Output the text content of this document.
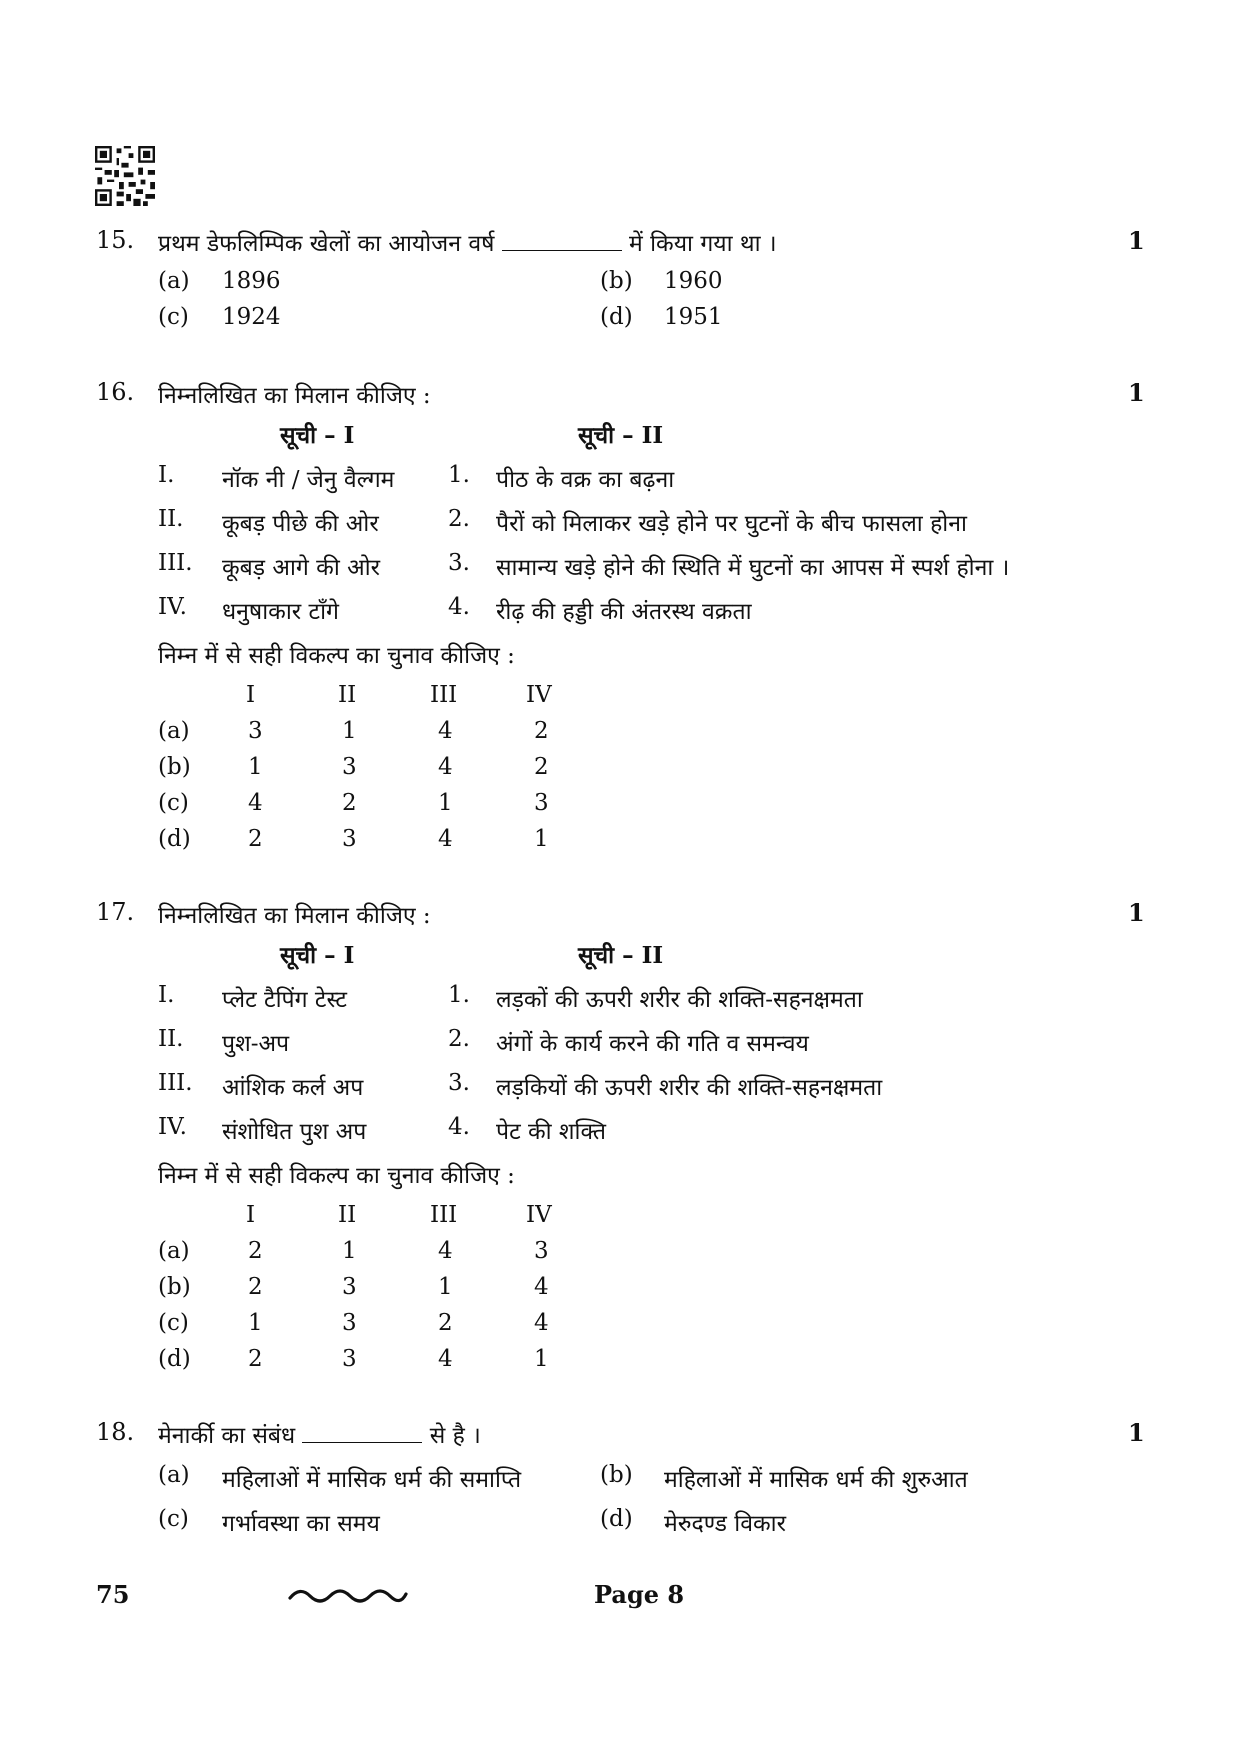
15. प्रथम डेफलिम्पिक खेलों का आयोजन वर्ष	में किया गया था ।	1
(a) 1896	(b) 1960
(c) 1924	(d) 1951
16. निम्नलिखित का मिलान कीजिए :	1
सूची – I	सूची – II
I. नॉक नी / जेनु वैल्गम 1. पीठ के वक्र का बढ़ना
II. कूबड़ पीछे की ओर	2. पैरों को मिलाकर खड़े होने पर घुटनों के बीच फासला होना
III. कूबड़ आगे की ओर	3. सामान्य खड़े होने की स्थिति में घुटनों का आपस में स्पर्श होना ।
IV. धनुषाकार टाँगे	4. रीढ़ की हड्डी की अंतरस्थ वक्रता
निम्न में से सही विकल्प का चुनाव कीजिए :
I	II	III	IV
(a)	3	1	4	2
(b) 1	3	4	2
(c)	4	2	1	3
(d) 2	3	4	1
17. निम्नलिखित का मिलान कीजिए :	1
सूची – I	सूची – II
I. प्लेट टैपिंग टेस्ट	1. लड़कों की ऊपरी शरीर की शक्ति-सहनक्षमता
II. पुश-अप	2. अंगों के कार्य करने की गति व समन्वय
III. आंशिक कर्ल अप	3. लड़कियों की ऊपरी शरीर की शक्ति-सहनक्षमता
IV. संशोधित पुश अप	4. पेट की शक्ति
निम्न में से सही विकल्प का चुनाव कीजिए :
I	II	III	IV
(a)	2	1	4	3
(b) 2	3	1	4
(c)	1	3	2	4
(d) 2	3	4	1
18. मेनार्की का संबंध	से है ।	1
(a) महिलाओं में मासिक धर्म की समाप्ति	(b) महिलाओं में मासिक धर्म की शुरुआत
(c) गर्भावस्था का समय	(d) मेरुदण्ड विकार
75	Page 8
